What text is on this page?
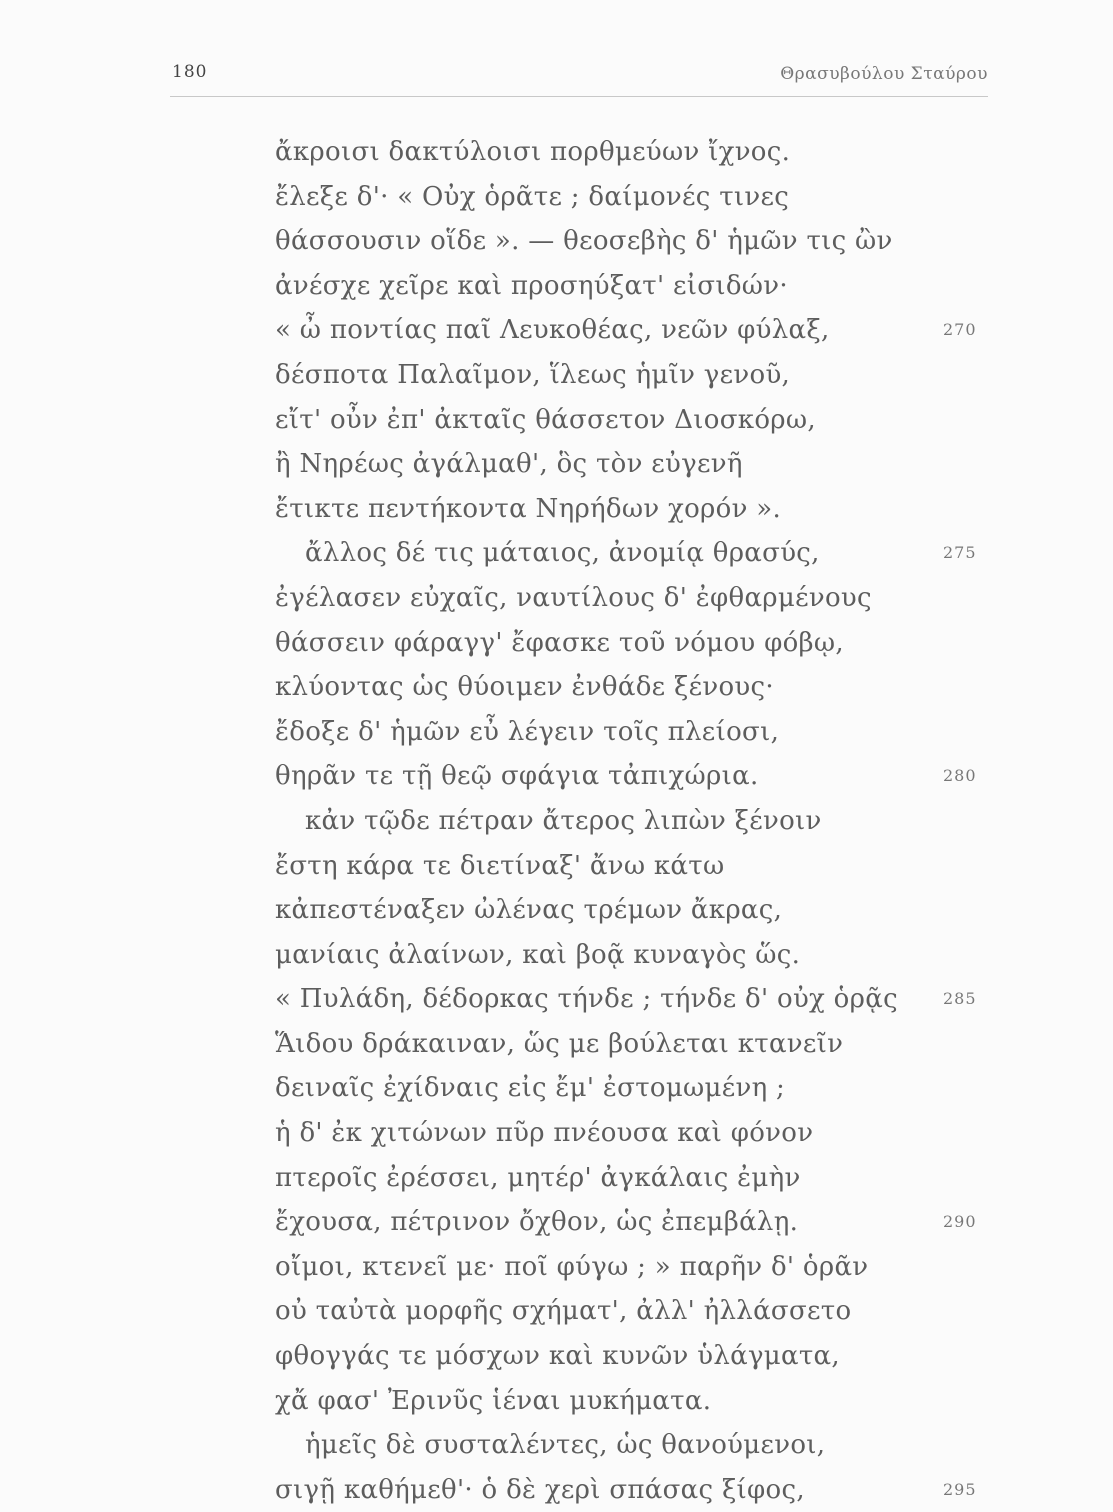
180	Θρασυβούλου Σταύρου
ἄκροισι δακτύλοισι πορθμεύων ἴχνος.
ἔλεξε δ'· « Οὐχ ὁρᾶτε ; δαίμονές τινες
θάσσουσιν οἵδε ». — θεοσεβὴς δ' ἡμῶν τις ὢν
ἀνέσχε χεῖρε καὶ προσηύξατ' εἰσιδών·
« ὦ ποντίας παῖ Λευκοθέας, νεῶν φύλαξ,	270
δέσποτα Παλαῖμον, ἵλεως ἡμῖν γενοῦ,
εἴτ' οὖν ἐπ' ἀκταῖς θάσσετον Διοσκόρω,
ἢ Νηρέως ἀγάλμαθ', ὃς τὸν εὐγενῆ
ἔτικτε πεντήκοντα Νηρήδων χορόν ».
ἄλλος δέ τις μάταιος, ἀνομίᾳ θρασύς,	275
ἐγέλασεν εὐχαῖς, ναυτίλους δ' ἐφθαρμένους
θάσσειν φάραγγ' ἔφασκε τοῦ νόμου φόβῳ,
κλύοντας ὡς θύοιμεν ἐνθάδε ξένους·
ἔδοξε δ' ἡμῶν εὖ λέγειν τοῖς πλείοσι,
θηρᾶν τε τῇ θεῷ σφάγια τἀπιχώρια.	280
κἀν τῷδε πέτραν ἄτερος λιπὼν ξένοιν
ἔστη κάρα τε διετίναξ' ἄνω κάτω
κἀπεστέναξεν ὠλένας τρέμων ἄκρας,
μανίαις ἀλαίνων, καὶ βοᾷ κυναγὸς ὥς.
« Πυλάδη, δέδορκας τήνδε ; τήνδε δ' οὐχ ὁρᾷς	285
Ἅιδου δράκαιναν, ὥς με βούλεται κτανεῖν
δειναῖς ἐχίδναις εἰς ἔμ' ἐστομωμένη ;
ἡ δ' ἐκ χιτώνων πῦρ πνέουσα καὶ φόνον
πτεροῖς ἐρέσσει, μητέρ' ἀγκάλαις ἐμὴν
ἔχουσα, πέτρινον ὄχθον, ὡς ἐπεμβάλῃ.	290
οἴμοι, κτενεῖ με· ποῖ φύγω ; » παρῆν δ' ὁρᾶν
οὐ ταὐτὰ μορφῆς σχήματ', ἀλλ' ἠλλάσσετο
φθογγάς τε μόσχων καὶ κυνῶν ὑλάγματα,
χἄ φασ' Ἐρινῦς ἱέναι μυκήματα.
ἡμεῖς δὲ συσταλέντες, ὡς θανούμενοι,
σιγῇ καθήμεθ'· ὁ δὲ χερὶ σπάσας ξίφος,	295
